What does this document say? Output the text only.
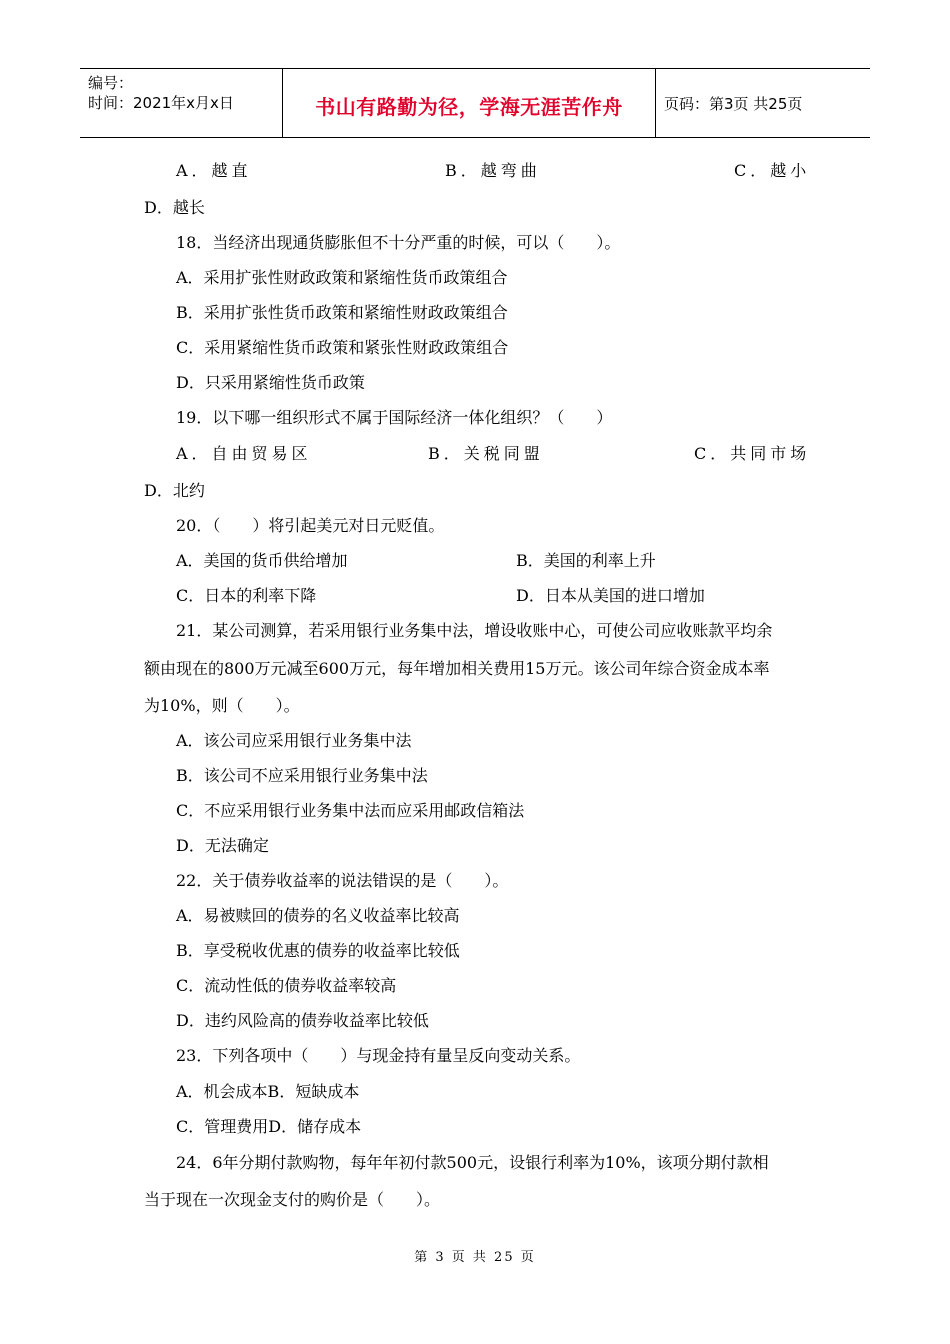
编号：
时间：2021年x月x日	书山有路勤为径，学海无涯苦作舟	页码：第3页 共25页
A．越直	B．越弯曲	C．越小
D．越长
18．当经济出现通货膨胀但不十分严重的时候，可以（　　）。
A．采用扩张性财政政策和紧缩性货币政策组合
B．采用扩张性货币政策和紧缩性财政政策组合
C．采用紧缩性货币政策和紧张性财政政策组合
D．只采用紧缩性货币政策
19．以下哪一组织形式不属于国际经济一体化组织？（　　）
A．自由贸易区	B．关税同盟	C．共同市场
D．北约
20．（　　）将引起美元对日元贬值。
A．美国的货币供给增加	B．美国的利率上升
C．日本的利率下降	D．日本从美国的进口增加
21．某公司测算，若采用银行业务集中法，增设收账中心，可使公司应收账款平均余
额由现在的800万元减至600万元，每年增加相关费用15万元。该公司年综合资金成本率
为10%，则（　　）。
A．该公司应采用银行业务集中法
B．该公司不应采用银行业务集中法
C．不应采用银行业务集中法而应采用邮政信箱法
D．无法确定
22．关于债券收益率的说法错误的是（　　）。
A．易被赎回的债券的名义收益率比较高
B．享受税收优惠的债券的收益率比较低
C．流动性低的债券收益率较高
D．违约风险高的债券收益率比较低
23．下列各项中（　　）与现金持有量呈反向变动关系。
A．机会成本B．短缺成本
C．管理费用D．储存成本
24．6年分期付款购物，每年年初付款500元，设银行利率为10%，该项分期付款相
当于现在一次现金支付的购价是（　　）。
第 3 页 共 25 页
